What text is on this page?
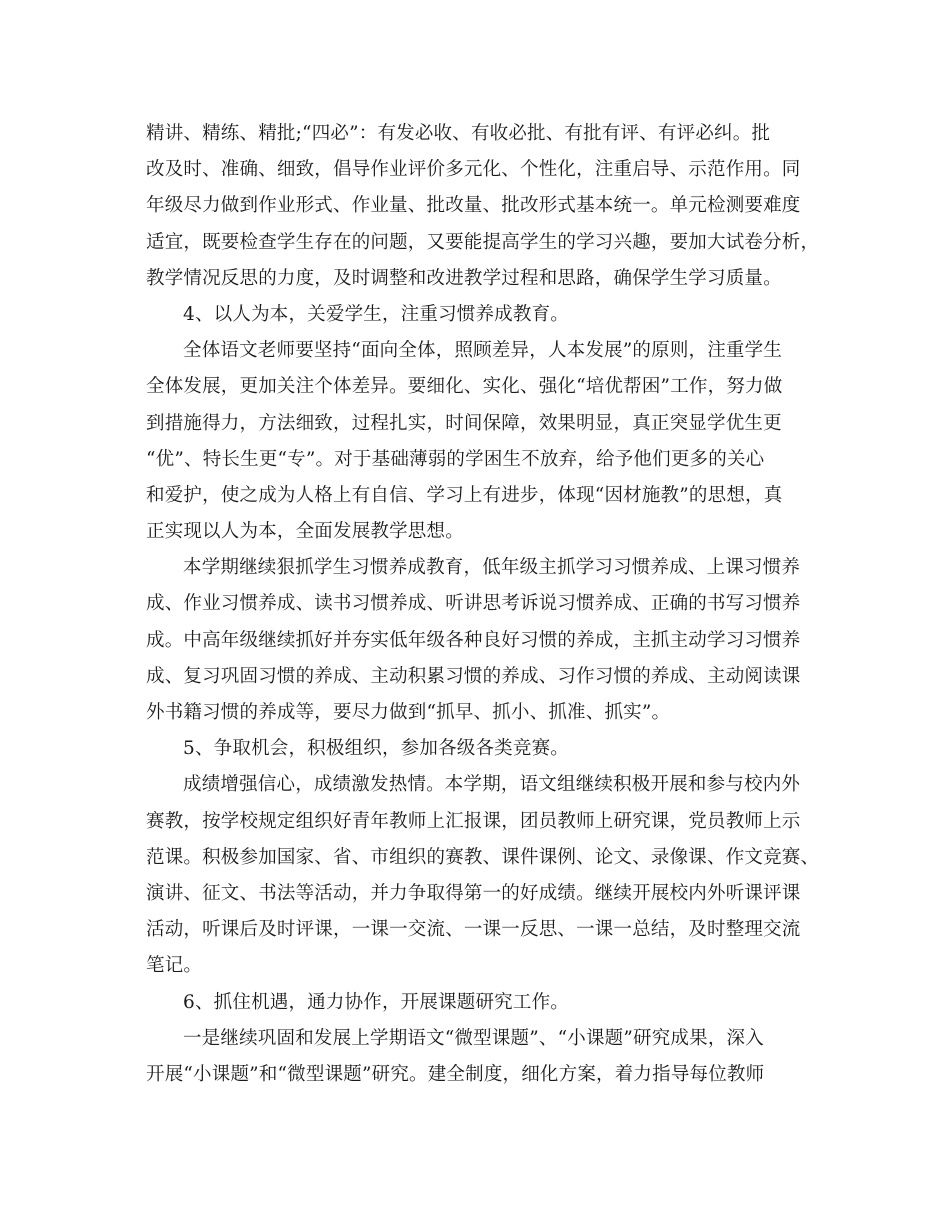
精讲、精练、精批;“四必”：有发必收、有收必批、有批有评、有评必纠。批
改及时、准确、细致，倡导作业评价多元化、个性化，注重启导、示范作用。同
年级尽力做到作业形式、作业量、批改量、批改形式基本统一。单元检测要难度
适宜，既要检查学生存在的问题，又要能提高学生的学习兴趣，要加大试卷分析，
教学情况反思的力度，及时调整和改进教学过程和思路，确保学生学习质量。
4、以人为本，关爱学生，注重习惯养成教育。
全体语文老师要坚持“面向全体，照顾差异，人本发展”的原则，注重学生
全体发展，更加关注个体差异。要细化、实化、强化“培优帮困”工作，努力做
到措施得力，方法细致，过程扎实，时间保障，效果明显，真正突显学优生更
“优”、特长生更“专”。对于基础薄弱的学困生不放弃，给予他们更多的关心
和爱护，使之成为人格上有自信、学习上有进步，体现“因材施教”的思想，真
正实现以人为本，全面发展教学思想。
本学期继续狠抓学生习惯养成教育，低年级主抓学习习惯养成、上课习惯养
成、作业习惯养成、读书习惯养成、听讲思考诉说习惯养成、正确的书写习惯养
成。中高年级继续抓好并夯实低年级各种良好习惯的养成，主抓主动学习习惯养
成、复习巩固习惯的养成、主动积累习惯的养成、习作习惯的养成、主动阅读课
外书籍习惯的养成等，要尽力做到“抓早、抓小、抓准、抓实”。
5、争取机会，积极组织，参加各级各类竞赛。
成绩增强信心，成绩激发热情。本学期，语文组继续积极开展和参与校内外
赛教，按学校规定组织好青年教师上汇报课，团员教师上研究课，党员教师上示
范课。积极参加国家、省、市组织的赛教、课件课例、论文、录像课、作文竞赛、
演讲、征文、书法等活动，并力争取得第一的好成绩。继续开展校内外听课评课
活动，听课后及时评课，一课一交流、一课一反思、一课一总结，及时整理交流
笔记。
6、抓住机遇，通力协作，开展课题研究工作。
一是继续巩固和发展上学期语文“微型课题”、“小课题”研究成果，深入
开展“小课题”和“微型课题”研究。建全制度，细化方案，着力指导每位教师
